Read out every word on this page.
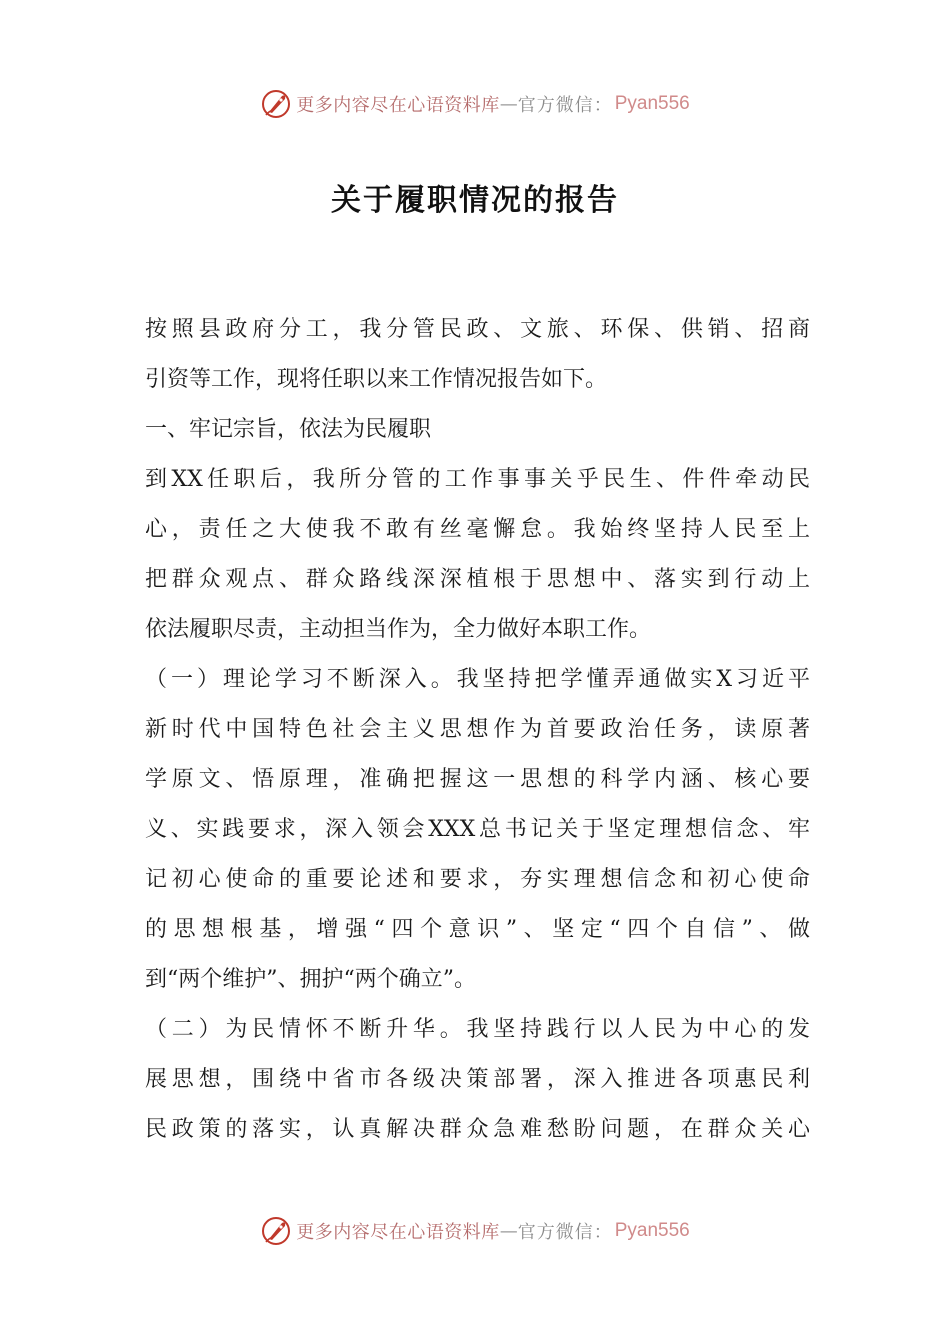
更多内容尽在心语资料库 — 官方微信： Pyan556
关于履职情况的报告
按照县政府分工，我分管民政、文旅、环保、供销、招商
引资等工作，现将任职以来工作情况报告如下。
一、牢记宗旨，依法为民履职
到XX任职后，我所分管的工作事事关乎民生、件件牵动民
心，责任之大使我不敢有丝毫懈怠。我始终坚持人民至上
把群众观点、群众路线深深植根于思想中、落实到行动上
依法履职尽责，主动担当作为，全力做好本职工作。
（一）理论学习不断深入。我坚持把学懂弄通做实X习近平
新时代中国特色社会主义思想作为首要政治任务，读原著
学原文、悟原理，准确把握这一思想的科学内涵、核心要
义、实践要求，深入领会XXX总书记关于坚定理想信念、牢
记初心使命的重要论述和要求，夯实理想信念和初心使命
的思想根基，增强“四个意识”、坚定“四个自信”、做
到“两个维护”、拥护“两个确立”。
（二）为民情怀不断升华。我坚持践行以人民为中心的发
展思想，围绕中省市各级决策部署，深入推进各项惠民利
民政策的落实，认真解决群众急难愁盼问题，在群众关心
更多内容尽在心语资料库 — 官方微信： Pyan556
